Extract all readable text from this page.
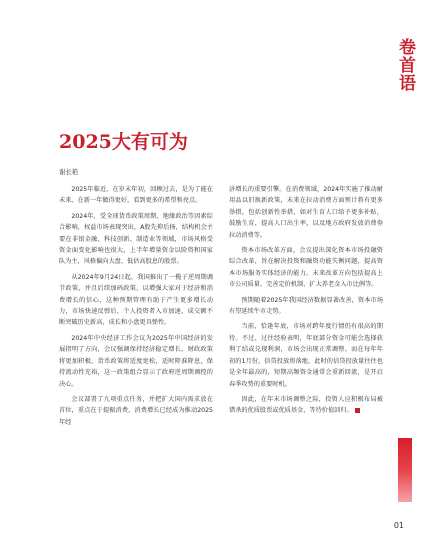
卷首语
2025大有可为
谢长艳

2025年临近，在岁末年初，回顾过去，是为了能在未来、在新一年做得更好，看到更多的希望和亮点。

2024年，受全球货币政策周期、地缘政治等因素综合影响，权益市场表现突出，A股先抑后扬，结构机会主要在非银金融、科技创新、制造业等领域，市场风格受资金面变化影响也很大，上半年增量资金以险资和国家队为主，风格偏向大盘、低估高股息的股票。

从2024年9月24日起，我国推出了一揽子逆周期调节政策，并且后续加码政策，以增强大家对于经济和消费增长的信心，这种预期管理有助于产生更多增长动力，市场快速反弹后，个人投资者入市加速，成交额不断突破历史新高，成长和小盘更具弹性。

2024年中央经济工作会议为2025年中国经济的发展指明了方向，会议强调保持经济稳定增长，财政政策将更加积极，货币政策将适度宽松，适时降准降息，保持流动性充裕，这一政策组合显示了政府逆周期调控的决心。

会议部署了九项重点任务，并把扩大国内需求放在首位，重点在于提振消费，消费增长已经成为推动2025年经

济增长的重要引擎。在消费领域，2024年实施了推动耐用品以旧换新政策，未来在拉动消费方面预计将有更多举措，包括创新性举措，如对生育人口给予更多补贴，鼓励生育，提高人口出生率，以及地方政府发放消费券拉动消费等。

资本市场改革方面，会议提出深化资本市场投融资综合改革，旨在解决投资和融资功能失衡问题，提高资本市场服务实体经济的能力。未来改革方向包括提高上市公司质量、完善定价机制、扩大养老金入市比例等。

预期随着2025年我国经济数据显著改善，资本市场有望延续牛市走势。

当前，恰逢年底，市场对跨年度行情仍有很高的期待。不过，过往经验表明，年底部分资金可能会选择获利了结或兑现利润，市场会出现正常调整。而在每年年初的1月份，信贷投放将落地，此时的信贷投放量往往也是全年最高的，短期高频资金通常会重新回流，是开启春季攻势的重要时机。

因此，在年末市场调整之际，投资人应积极布局被错杀的优质股票或优质基金，等待价值回归。

01
